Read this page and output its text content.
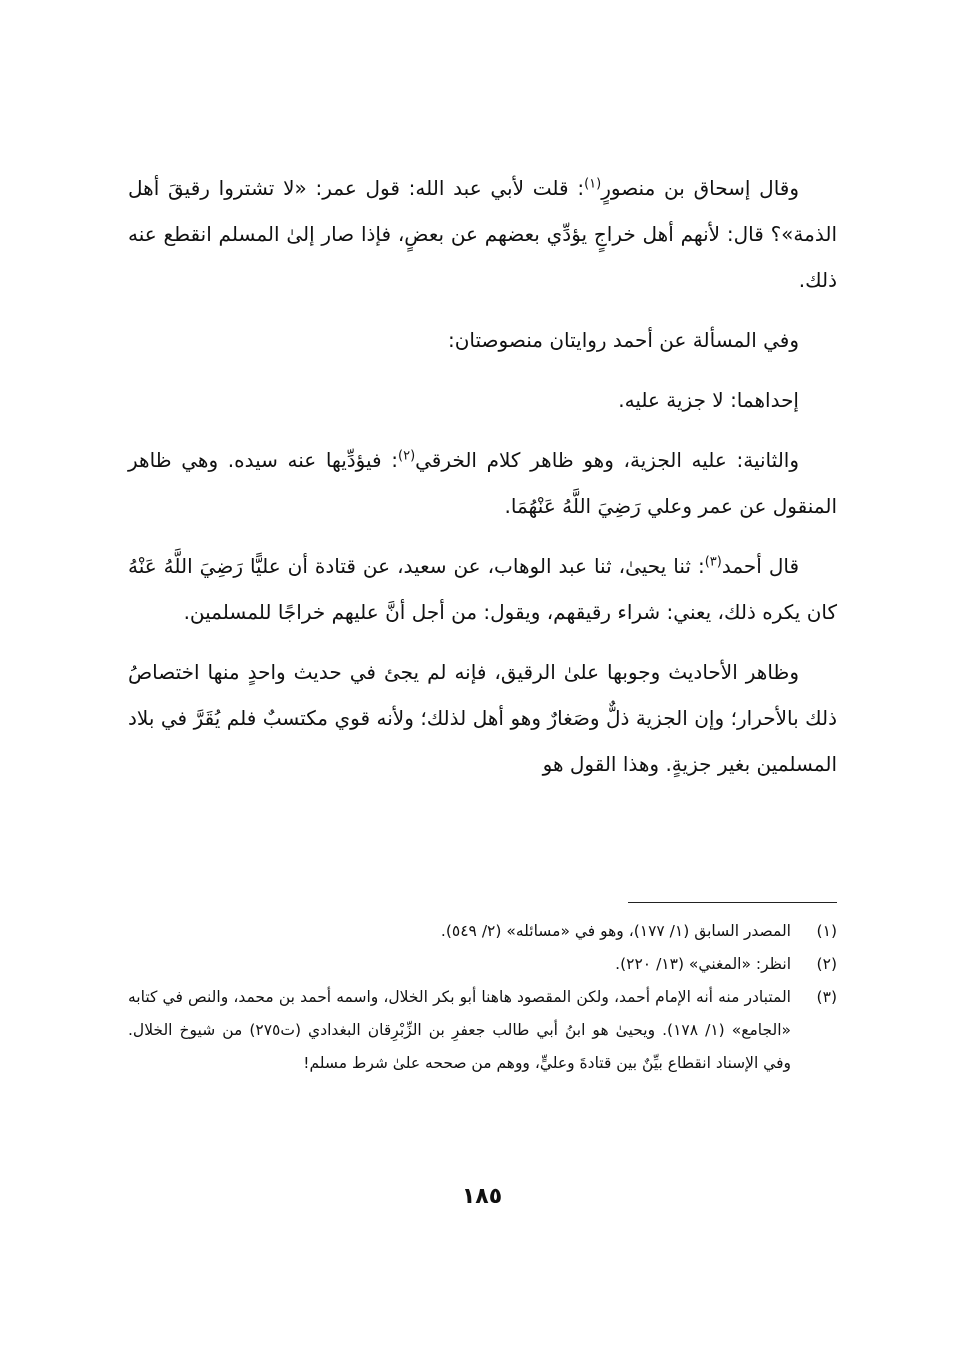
وقال إسحاق بن منصورٍ$^{(١)}$: قلت لأبي عبد الله: قول عمر: «لا تشتروا رقيقَ أهل الذمة»؟ قال: لأنهم أهل خراجٍ يؤدِّي بعضهم عن بعضٍ، فإذا صار إلىٰ المسلم انقطع عنه ذلك.

وفي المسألة عن أحمد روايتان منصوصتان:

إحداهما: لا جزية عليه.

والثانية: عليه الجزية، وهو ظاهر كلام الخرقي$^{(٢)}$: فيؤدِّيها عنه سيده. وهي ظاهر المنقول عن عمر وعلي رَضِيَ اللَّهُ عَنْهُمَا.

قال أحمد$^{(٣)}$: ثنا يحيىٰ، ثنا عبد الوهاب، عن سعيد، عن قتادة أن عليًّا رَضِيَ اللَّهُ عَنْهُ كان يكره ذلك، يعني: شراء رقيقهم، ويقول: من أجل أنَّ عليهم خراجًا للمسلمين.

وظاهر الأحاديث وجوبها علىٰ الرقيق، فإنه لم يجئ في حديث واحدٍ منها اختصاصُ ذلك بالأحرار؛ وإن الجزية ذلٌّ وصَغارٌ وهو أهل لذلك؛ ولأنه قوي مكتسبٌ فلم يُقَرَّ في بلاد المسلمين بغير جزيةٍ. وهذا القول هو

(١)
المصدر السابق (١/ ١٧٧)، وهو في «مسائله» (٢/ ٥٤٩).
(٢)
انظر: «المغني» (١٣/ ٢٢٠).
(٣)
المتبادر منه أنه الإمام أحمد، ولكن المقصود هاهنا أبو بكر الخلال، واسمه أحمد بن محمد، والنص في كتابه «الجامع» (١/ ١٧٨). ويحيىٰ هو ابنُ أبي طالب جعفرِ بن الزِّبْرِقان البغدادي (ت٢٧٥) من شيوخ الخلال. وفي الإسناد انقطاع بيِّنٌ بين قتادةَ وعليٍّ، ووهم من صححه علىٰ شرط مسلم!
١٨٥
